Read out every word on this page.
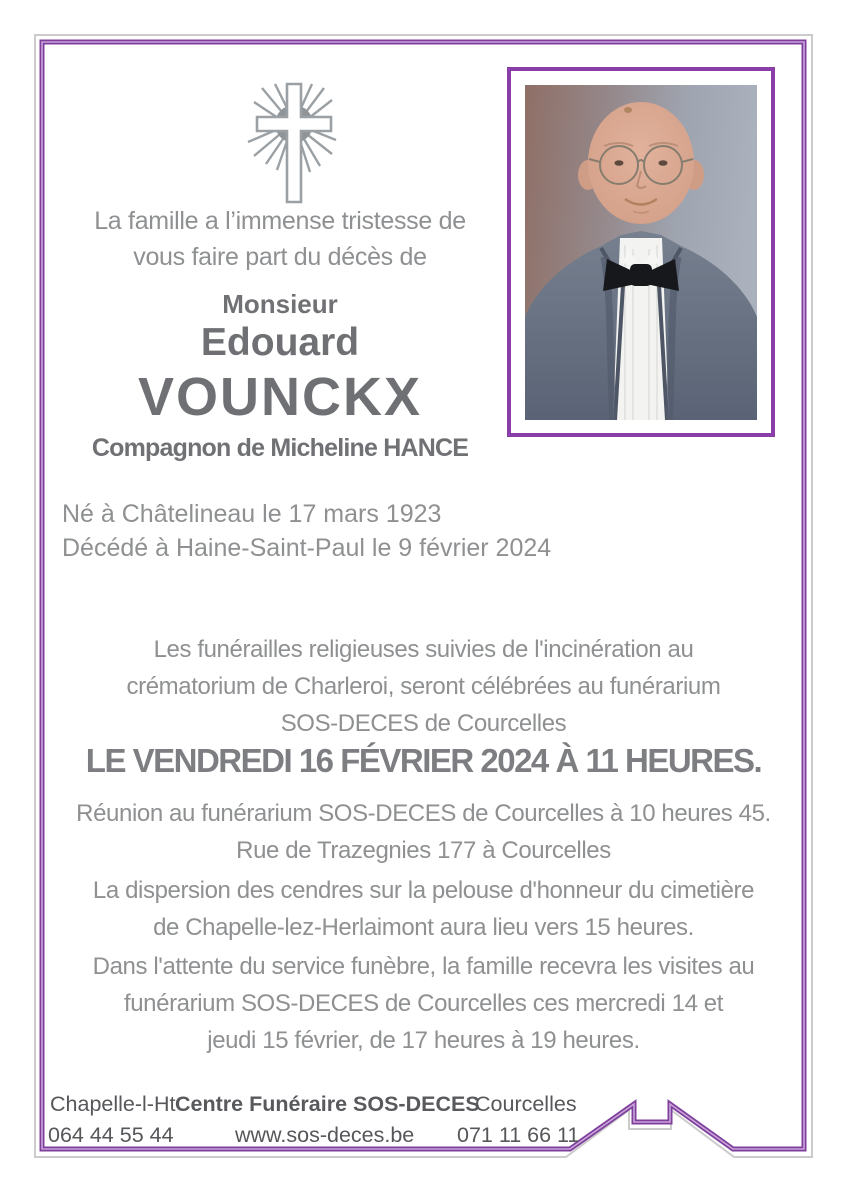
La famille a l’immense tristesse de
vous faire part du décès de
Monsieur
Edouard
VOUNCKX
Compagnon de Micheline HANCE
Né à Châtelineau le 17 mars 1923
Décédé à Haine-Saint-Paul le 9 février 2024
Les funérailles religieuses suivies de l'incinération au
crématorium de Charleroi, seront célébrées au funérarium
SOS-DECES de Courcelles
LE VENDREDI 16 FÉVRIER 2024 À 11 HEURES.
Réunion au funérarium SOS-DECES de Courcelles à 10 heures 45.
Rue de Trazegnies 177 à Courcelles
La dispersion des cendres sur la pelouse d'honneur du cimetière
de Chapelle-lez-Herlaimont aura lieu vers 15 heures.
Dans l'attente du service funèbre, la famille recevra les visites au
funérarium SOS-DECES de Courcelles ces mercredi 14 et
jeudi 15 février, de 17 heures à 19 heures.
Chapelle-l-Ht Centre Funéraire SOS-DECES
Courcelles
064 44 55 44	www.sos-deces.be 071 11 66 11
